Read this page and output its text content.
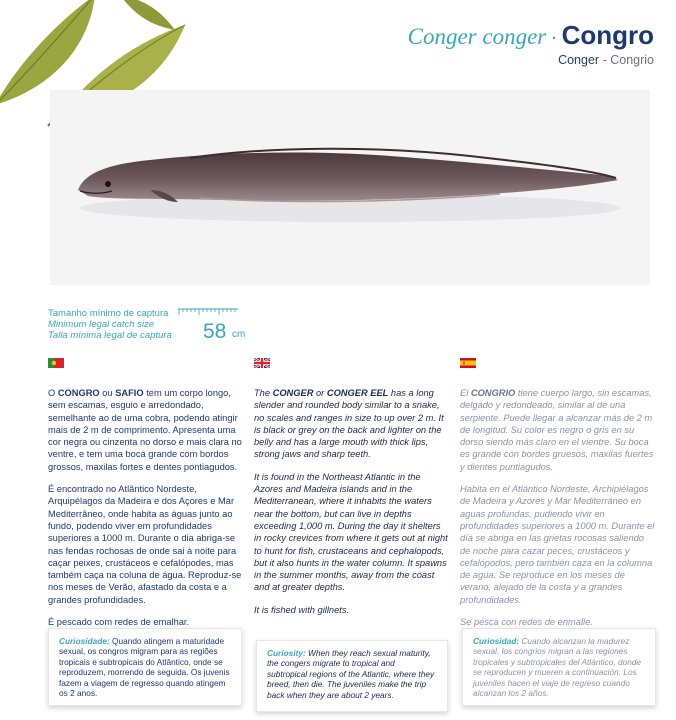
Conger conger · Congro
Conger - Congrio
Tamanho mínimo de captura
Minimum legal catch size
Talla mínima legal de captura	58 cm

O CONGRO ou SAFIO tem um corpo longo, sem escamas, esguio e arredondado, semelhante ao de uma cobra, podendo atingir mais de 2 m de comprimento. Apresenta uma cor negra ou cinzenta no dorso e mais clara no ventre, e tem uma boca grande com bordos grossos, maxilas fortes e dentes pontiagudos.

É encontrado no Atlântico Nordeste, Arquipélagos da Madeira e dos Açores e Mar Mediterrâneo, onde habita as águas junto ao fundo, podendo viver em profundidades superiores a 1000 m. Durante o dia abriga-se nas fendas rochosas de onde sai à noite para caçar peixes, crustáceos e cefalópodes, mas também caça na coluna de água. Reproduz-se nos meses de Verão, afastado da costa e a grandes profundidades.

É pescado com redes de emalhar.

The CONGER or CONGER EEL has a long slender and rounded body similar to a snake, no scales and ranges in size to up over 2 m. It is black or grey on the back and lighter on the belly and has a large mouth with thick lips, strong jaws and sharp teeth.

It is found in the Northeast Atlantic in the Azores and Madeira islands and in the Mediterranean, where it inhabits the waters near the bottom, but can live in depths exceeding 1,000 m. During the day it shelters in rocky crevices from where it gets out at night to hunt for fish, crustaceans and cephalopods, but it also hunts in the water column. It spawns in the summer months, away from the coast and at greater depths.

It is fished with gillnets.

El CONGRIO tiene cuerpo largo, sin escamas, delgado y redondeado, similar al de una serpiente. Puede llegar a alcanzar más de 2 m de longitud. Su color es negro o gris en su dorso siendo más claro en el vientre. Su boca es grande con bordes gruesos, maxilas fuertes y dientes puntiagudos.

Habita en el Atlántico Nordeste, Archipiélagos de Madeira y Azores y Mar Mediterráneo en aguas profundas, pudiendo vivir en profundidades superiores a 1000 m. Durante el día se abriga en las grietas rocosas saliendo de noche para cazar peces, crustáceos y cefalópodos, pero también caza en la columna de agua. Se reproduce en los meses de verano, alejado de la costa y a grandes profundidades.

Se pesca con redes de enmalle.

Curiosidade: Quando atingem a maturidade sexual, os congros migram para as regiões tropicais e subtropicais do Atlântico, onde se reproduzem, morrendo de seguida. Os juvenis fazem a viagem de regresso quando atingem os 2 anos.
Curiosity: When they reach sexual maturity, the congers migrate to tropical and subtropical regions of the Atlantic, where they breed, then die. The juveniles make the trip back when they are about 2 years.
Curiosidad: Cuando alcanzan la madurez sexual, los congrios migran a las regiones tropicales y subtropicales del Atlántico, donde se reproducen y mueren a continuación. Los juveniles hacen el viaje de regreso cuando alcanzan los 2 años.
